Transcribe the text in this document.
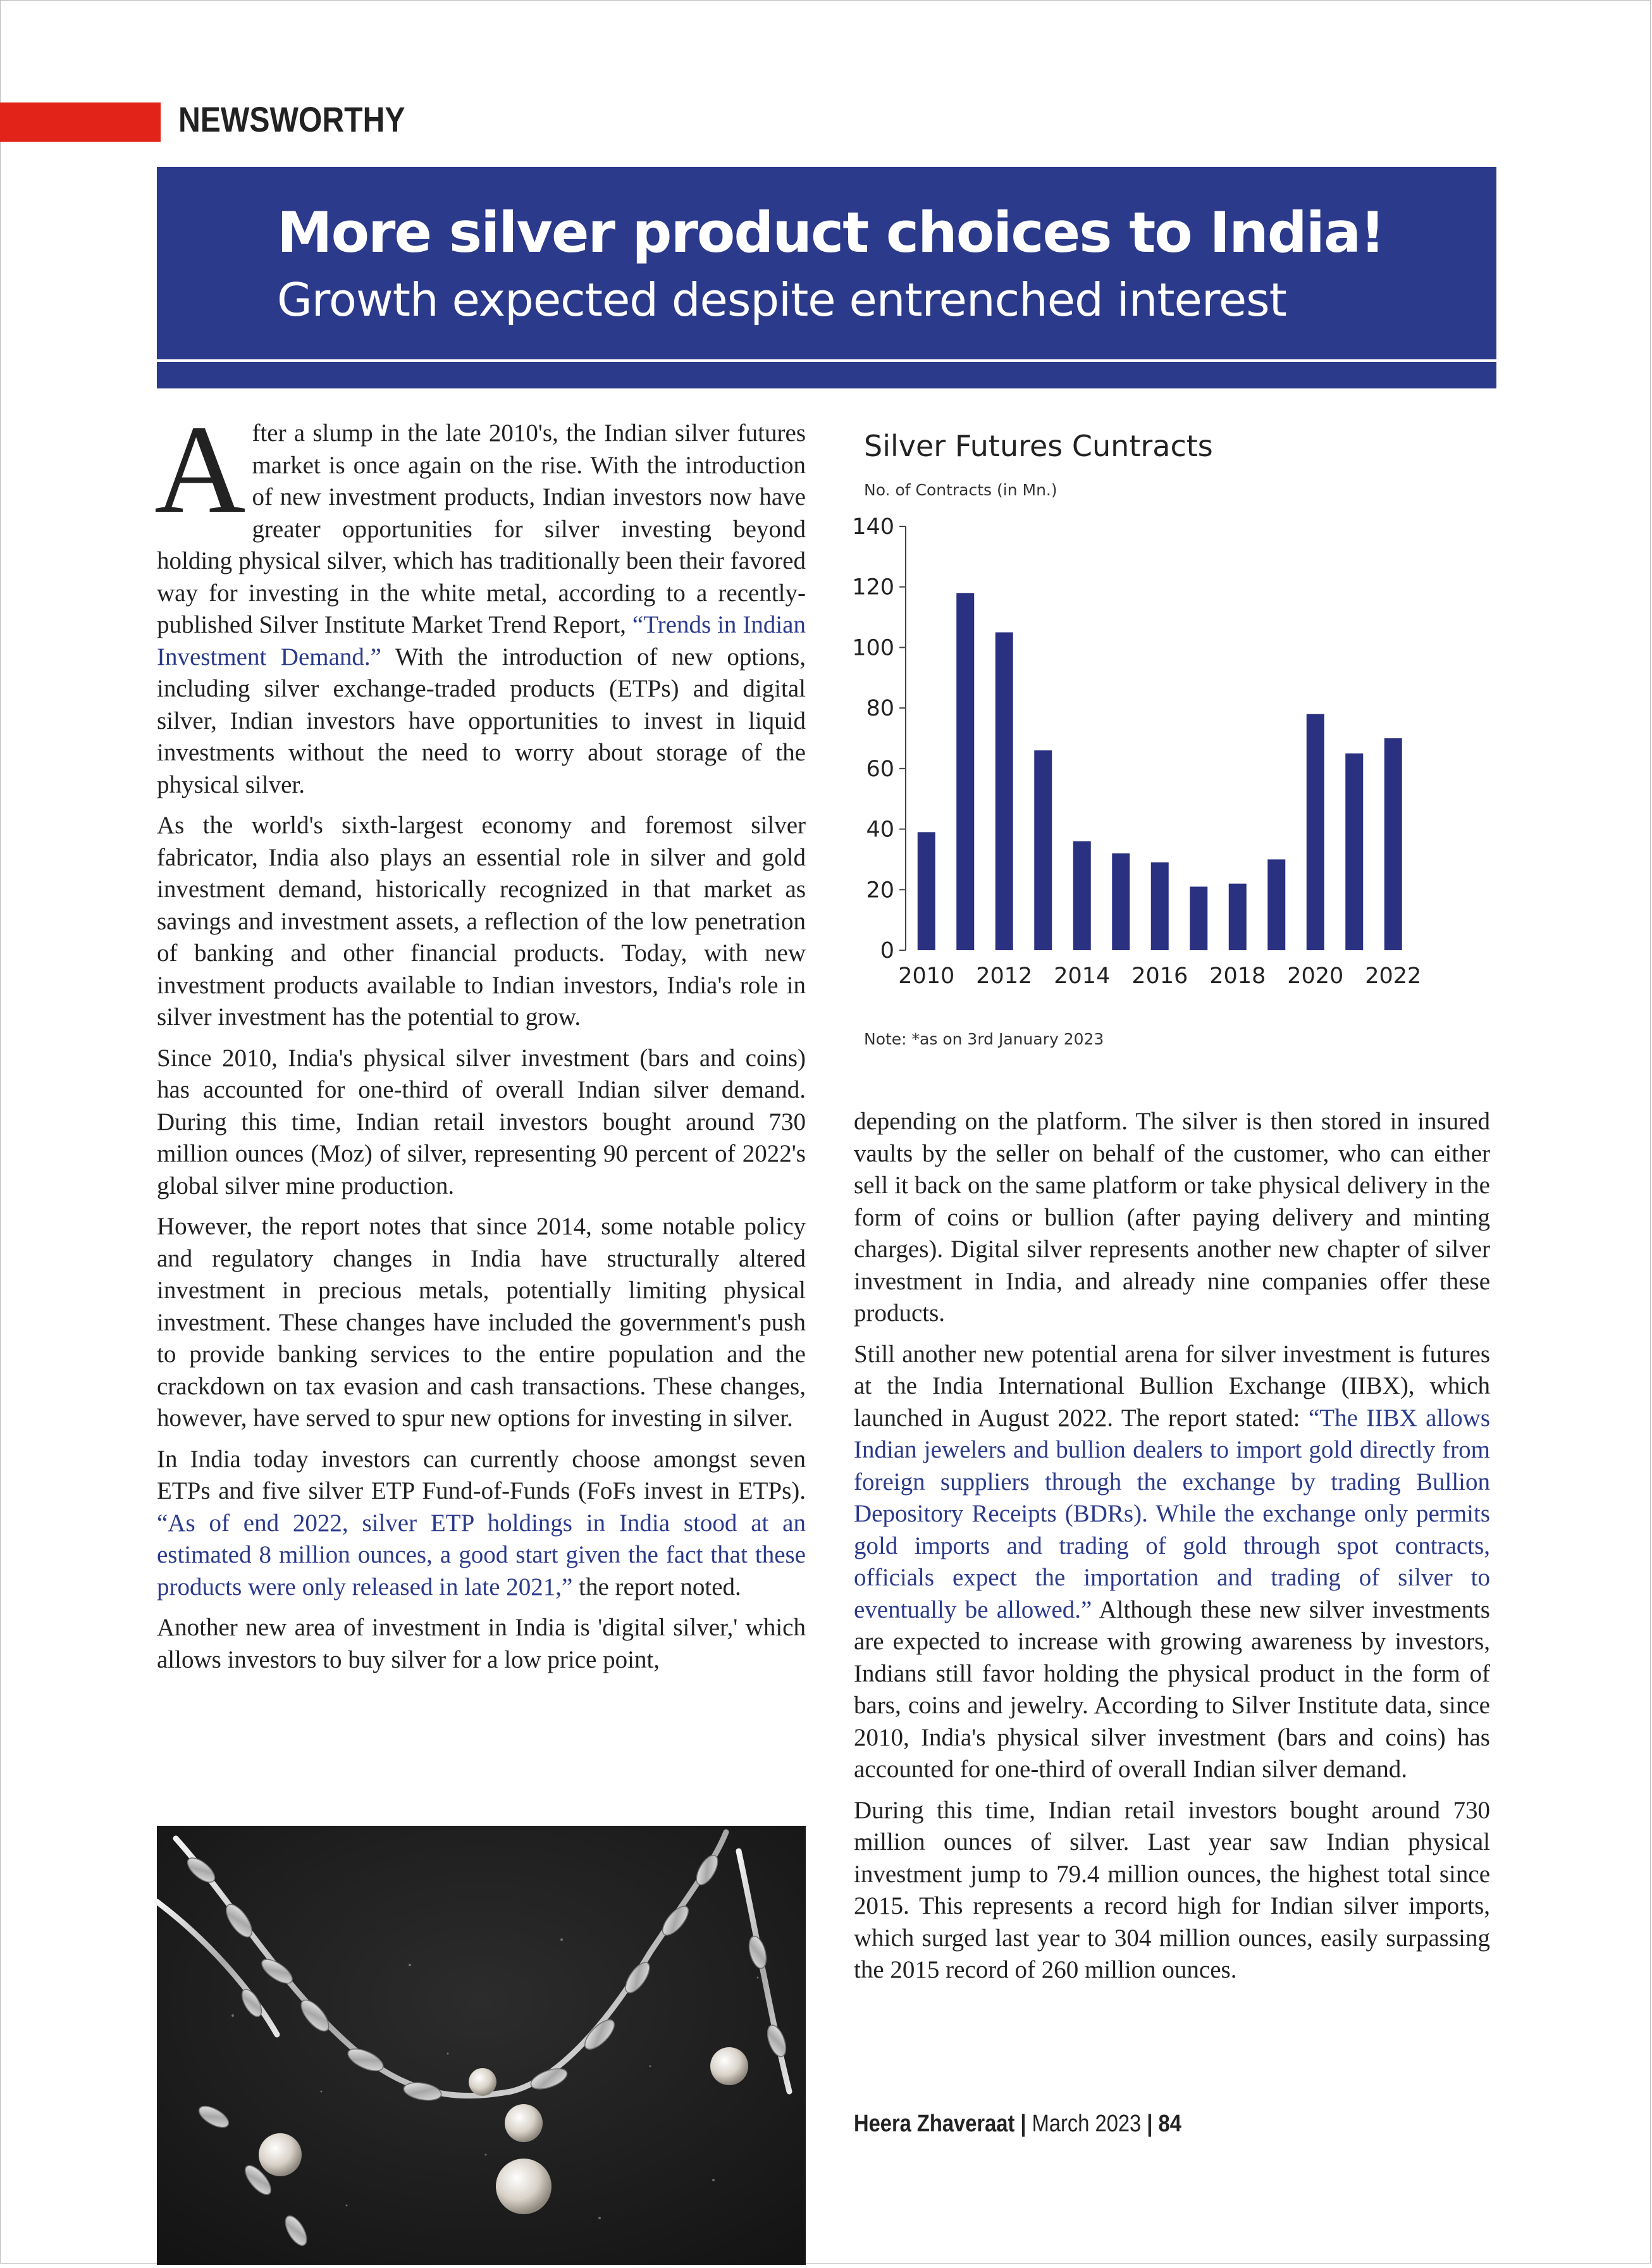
NEWSWORTHY
More silver product choices to India!
Growth expected despite entrenched interest

After a slump in the late 2010's, the Indian silver futures market is once again on the rise. With the introduction of new investment products, Indian investors now have greater opportunities for silver investing beyond holding physical silver, which has traditionally been their favored way for investing in the white metal, according to a recently-published Silver Institute Market Trend Report, “Trends in Indian Investment Demand.” With the introduction of new options, including silver exchange-traded products (ETPs) and digital silver, Indian investors have opportunities to invest in liquid investments without the need to worry about storage of the physical silver.

As the world's sixth-largest economy and foremost silver fabricator, India also plays an essential role in silver and gold investment demand, historically recognized in that market as savings and investment assets, a reflection of the low penetration of banking and other financial products. Today, with new investment products available to Indian investors, India's role in silver investment has the potential to grow.

Since 2010, India's physical silver investment (bars and coins) has accounted for one-third of overall Indian silver demand. During this time, Indian retail investors bought around 730 million ounces (Moz) of silver, representing 90 percent of 2022's global silver mine production.

However, the report notes that since 2014, some notable policy and regulatory changes in India have structurally altered investment in precious metals, potentially limiting physical investment. These changes have included the government's push to provide banking services to the entire population and the crackdown on tax evasion and cash transactions. These changes, however, have served to spur new options for investing in silver.

In India today investors can currently choose amongst seven ETPs and five silver ETP Fund-of-Funds (FoFs invest in ETPs). “As of end 2022, silver ETP holdings in India stood at an estimated 8 million ounces, a good start given the fact that these products were only released in late 2021,” the report noted.

Another new area of investment in India is 'digital silver,' which allows investors to buy silver for a low price point,

Silver Futures Cuntracts
No. of Contracts (in Mn.)
0
20
40
60
80
100
120
140
2010 2012 2014 2016 2018 2020 2022
Note: *as on 3rd January 2023

depending on the platform. The silver is then stored in insured vaults by the seller on behalf of the customer, who can either sell it back on the same platform or take physical delivery in the form of coins or bullion (after paying delivery and minting charges). Digital silver represents another new chapter of silver investment in India, and already nine companies offer these products.

Still another new potential arena for silver investment is futures at the India International Bullion Exchange (IIBX), which launched in August 2022. The report stated: “The IIBX allows Indian jewelers and bullion dealers to import gold directly from foreign suppliers through the exchange by trading Bullion Depository Receipts (BDRs). While the exchange only permits gold imports and trading of gold through spot contracts, officials expect the importation and trading of silver to eventually be allowed.” Although these new silver investments are expected to increase with growing awareness by investors, Indians still favor holding the physical product in the form of bars, coins and jewelry. According to Silver Institute data, since 2010, India's physical silver investment (bars and coins) has accounted for one-third of overall Indian silver demand.

During this time, Indian retail investors bought around 730 million ounces of silver. Last year saw Indian physical investment jump to 79.4 million ounces, the highest total since 2015. This represents a record high for Indian silver imports, which surged last year to 304 million ounces, easily surpassing the 2015 record of 260 million ounces.

Heera Zhaveraat | March 2023 | 84
